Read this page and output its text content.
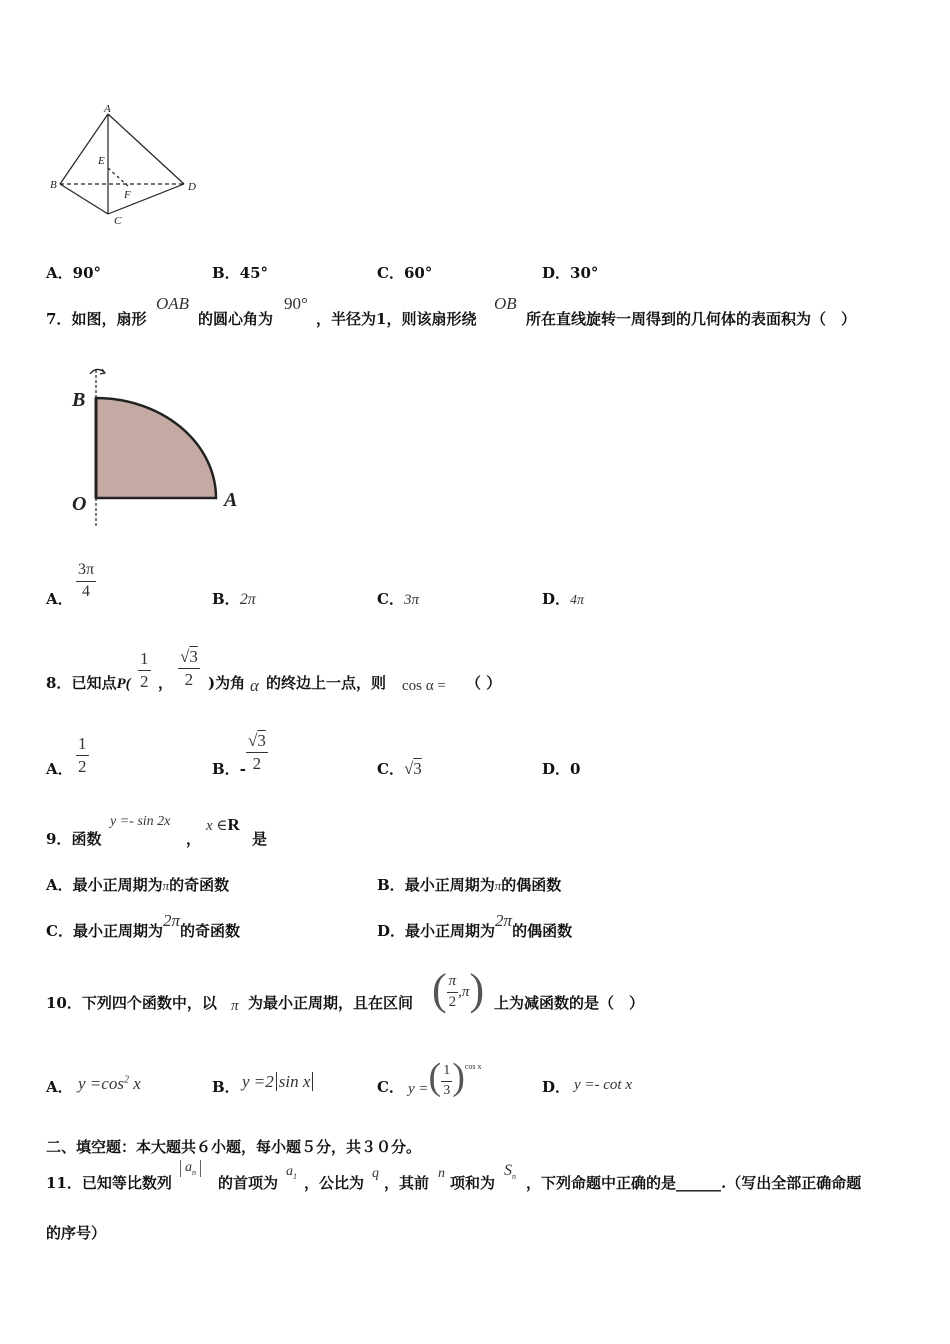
A
E
B
F
D
C
A．90°	B．45°	C．60°	D．30°
7．如图，扇形
OAB
的圆心角为
90°
，半径为1，则该扇形绕
OB
所在直线旋转一周得到的几何体的表面积为（　）
B
O	A
A． $\frac{3\pi}{4}$	B．2π	C．3π	D．4π
8．已知点$P( \frac{1}{2}$ ， $\frac{√3}{2}$ )为角 α 的终边上一点，则 cos α = （ ）
A． $\frac{1}{2}$	B．- $\frac{√3}{2}$	C．√3	D．0
9．函数
y =- sin 2x
，
x ∈R
是
A．最小正周期为π的奇函数	B．最小正周期为π的偶函数
C．最小正周期为2π的奇函数	D．最小正周期为2π的偶函数
10．下列四个函数中，以 π 为最小正周期，且在区间 ( $\frac{\pi}{2} ,\pi$) 上为减函数的是（　）
A． $y =\cos^2$ x	B． y =2 sin x	C． y =( $\frac{1}{3} )^{cos x}$
D． y =- cot x
二、填空题：本大题共６小题，每小题５分，共３０分。
11．已知等比数列
$a_n$
的首项为
$a_1$ ，公比为
q
，其前
n
项和为
$S_n$ ，下列命题中正确的是______.（写出全部正确命题
的序号）
